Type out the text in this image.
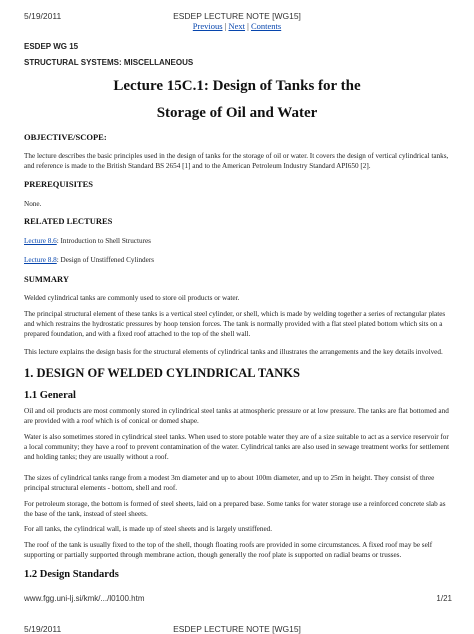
5/19/2011	ESDEP LECTURE NOTE [WG15]
Previous | Next | Contents
ESDEP WG 15
STRUCTURAL SYSTEMS: MISCELLANEOUS
Lecture 15C.1: Design of Tanks for the
Storage of Oil and Water
OBJECTIVE/SCOPE:

The lecture describes the basic principles used in the design of tanks for the storage of oil or water. It covers the design of vertical cylindrical tanks, and reference is made to the British Standard BS 2654 [1] and to the American Petroleum Industry Standard API650 [2].

PREREQUISITES

None.

RELATED LECTURES

Lecture 8.6: Introduction to Shell Structures

Lecture 8.8: Design of Unstiffened Cylinders

SUMMARY

Welded cylindrical tanks are commonly used to store oil products or water.

The principal structural element of these tanks is a vertical steel cylinder, or shell, which is made by welding together a series of rectangular plates and which restrains the hydrostatic pressures by hoop tension forces. The tank is normally provided with a flat steel plated bottom which sits on a prepared foundation, and with a fixed roof attached to the top of the shell wall.

This lecture explains the design basis for the structural elements of cylindrical tanks and illustrates the arrangements and the key details involved.

1. DESIGN OF WELDED CYLINDRICAL TANKS
1.1 General

Oil and oil products are most commonly stored in cylindrical steel tanks at atmospheric pressure or at low pressure. The tanks are flat bottomed and are provided with a roof which is of conical or domed shape.

Water is also sometimes stored in cylindrical steel tanks. When used to store potable water they are of a size suitable to act as a service reservoir for a local community; they have a roof to prevent contamination of the water. Cylindrical tanks are also used in sewage treatment works for settlement and holding tanks; they are usually without a roof.

The sizes of cylindrical tanks range from a modest 3m diameter and up to about 100m diameter, and up to 25m in height. They consist of three principal structural elements - bottom, shell and roof.

For petroleum storage, the bottom is formed of steel sheets, laid on a prepared base. Some tanks for water storage use a reinforced concrete slab as the base of the tank, instead of steel sheets.

For all tanks, the cylindrical wall, is made up of steel sheets and is largely unstiffened.

The roof of the tank is usually fixed to the top of the shell, though floating roofs are provided in some circumstances. A fixed roof may be self supporting or partially supported through membrane action, though generally the roof plate is supported on radial beams or trusses.

1.2 Design Standards
www.fgg.uni-lj.si/kmk/.../l0100.htm	1/21
5/19/2011	ESDEP LECTURE NOTE [WG15]
